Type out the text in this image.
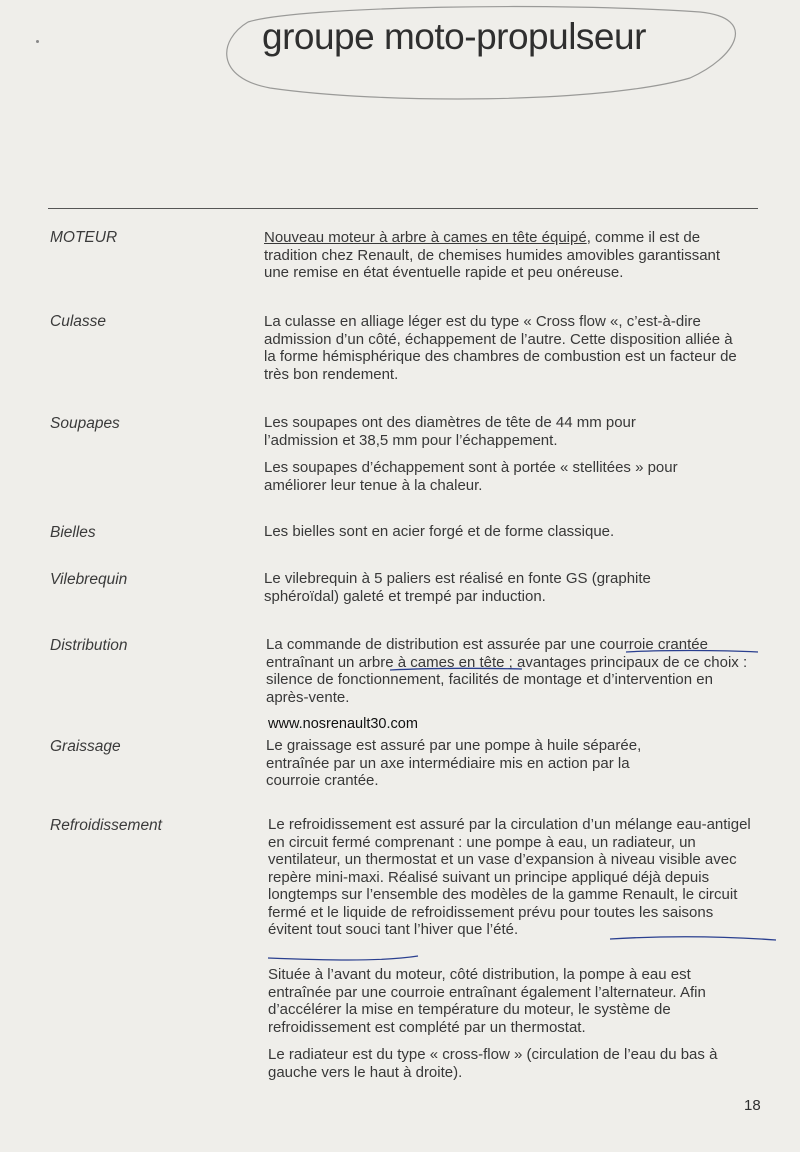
groupe moto-propulseur
MOTEUR	Nouveau moteur à arbre à cames en tête équipé, comme il est de tradition chez Renault, de chemises humides amovibles garantissant une remise en état éventuelle rapide et peu onéreuse.
Culasse	La culasse en alliage léger est du type « Cross flow «, c’est-à-dire admission d’un côté, échappement de l’autre. Cette disposition alliée à la forme hémisphérique des chambres de combustion est un facteur de très bon rendement.
Soupapes	Les soupapes ont des diamètres de tête de 44 mm pour l’admission et 38,5 mm pour l’échappement.
Les soupapes d’échappement sont à portée « stellitées » pour améliorer leur tenue à la chaleur.
Bielles	Les bielles sont en acier forgé et de forme classique.
Vilebrequin	Le vilebrequin à 5 paliers est réalisé en fonte GS (graphite sphéroïdal) galeté et trempé par induction.
Distribution	La commande de distribution est assurée par une courroie crantée entraînant un arbre à cames en tête ; avantages principaux de ce choix : silence de fonctionnement, facilités de montage et d’intervention en après-vente.
www.nosrenault30.com
Graissage	Le graissage est assuré par une pompe à huile séparée, entraînée par un axe intermédiaire mis en action par la courroie crantée.
Refroidissement	Le refroidissement est assuré par la circulation d’un mélange eau-antigel en circuit fermé comprenant : une pompe à eau, un radiateur, un ventilateur, un thermostat et un vase d’expansion à niveau visible avec repère mini-maxi. Réalisé suivant un principe appliqué déjà depuis longtemps sur l’ensemble des modèles de la gamme Renault, le circuit fermé et le liquide de refroidissement prévu pour toutes les saisons évitent tout souci tant l’hiver que l’été.
Située à l’avant du moteur, côté distribution, la pompe à eau est entraînée par une courroie entraînant également l’alternateur. Afin d’accélérer la mise en température du moteur, le système de refroidissement est complété par un thermostat.
Le radiateur est du type « cross-flow » (circulation de l’eau du bas à gauche vers le haut à droite).
18
